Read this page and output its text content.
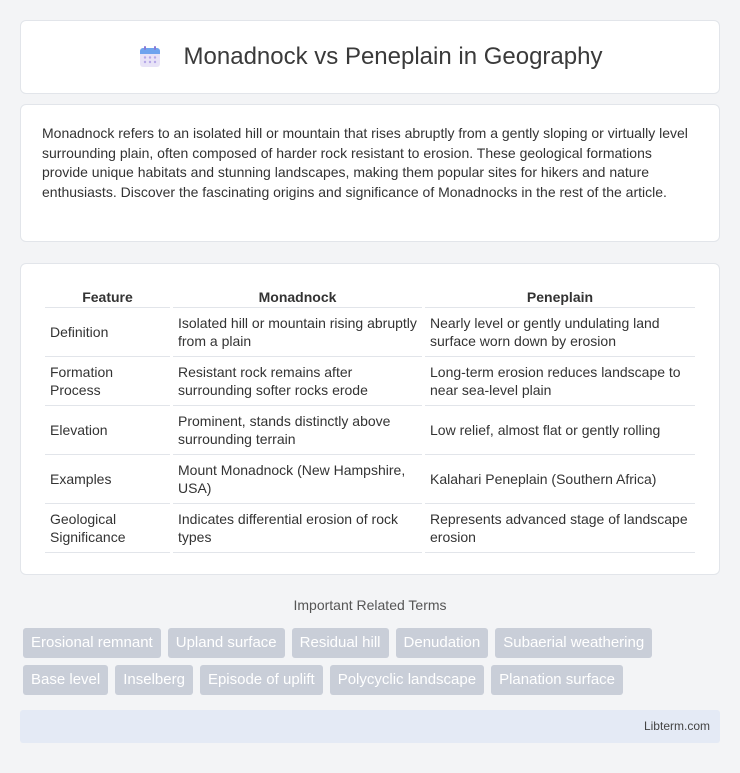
Monadnock vs Peneplain in Geography

Monadnock refers to an isolated hill or mountain that rises abruptly from a gently sloping or virtually level surrounding plain, often composed of harder rock resistant to erosion. These geological formations provide unique habitats and stunning landscapes, making them popular sites for hikers and nature enthusiasts. Discover the fascinating origins and significance of Monadnocks in the rest of the article.

Feature	Monadnock	Peneplain
Definition	Isolated hill or mountain rising abruptly from a plain	Nearly level or gently undulating land surface worn down by erosion
Formation Process	Resistant rock remains after surrounding softer rocks erode	Long-term erosion reduces landscape to near sea-level plain
Elevation	Prominent, stands distinctly above surrounding terrain	Low relief, almost flat or gently rolling
Examples	Mount Monadnock (New Hampshire, USA)	Kalahari Peneplain (Southern Africa)
Geological Significance	Indicates differential erosion of rock types	Represents advanced stage of landscape erosion
Important Related Terms
Erosional remnant	Upland surface	Residual hill	Denudation	Subaerial weathering
Base level	Inselberg	Episode of uplift	Polycyclic landscape	Planation surface
Libterm.com
